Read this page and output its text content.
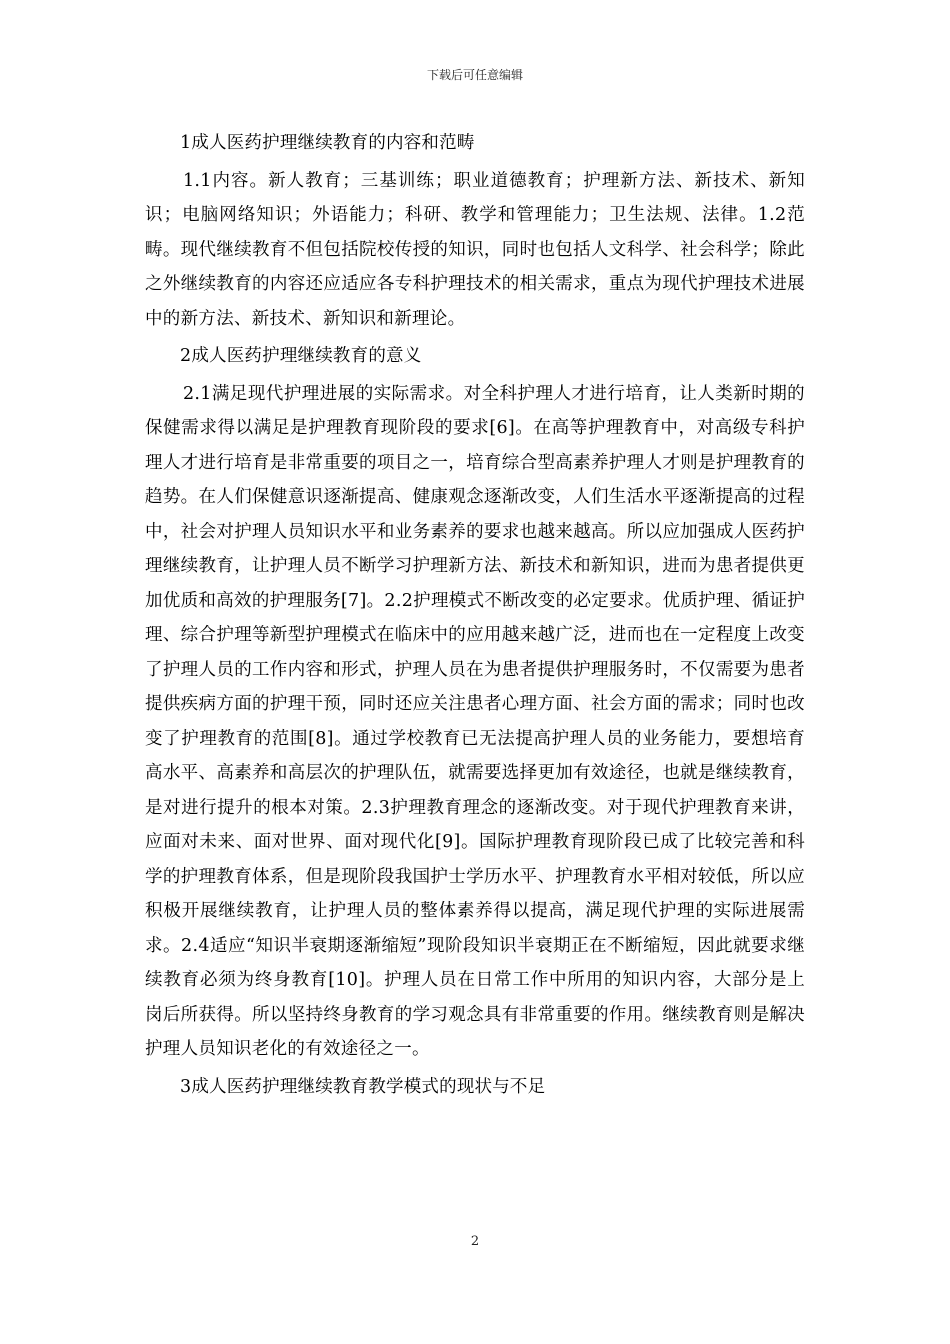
下载后可任意编辑

1成人医药护理继续教育的内容和范畴

1.1内容。新人教育；三基训练；职业道德教育；护理新方法、新技术、新知识；电脑网络知识；外语能力；科研、教学和管理能力；卫生法规、法律。1.2范畴。现代继续教育不但包括院校传授的知识，同时也包括人文科学、社会科学；除此之外继续教育的内容还应适应各专科护理技术的相关需求，重点为现代护理技术进展中的新方法、新技术、新知识和新理论。

2成人医药护理继续教育的意义

2.1满足现代护理进展的实际需求。对全科护理人才进行培育，让人类新时期的保健需求得以满足是护理教育现阶段的要求[6]。在高等护理教育中，对高级专科护理人才进行培育是非常重要的项目之一，培育综合型高素养护理人才则是护理教育的趋势。在人们保健意识逐渐提高、健康观念逐渐改变，人们生活水平逐渐提高的过程中，社会对护理人员知识水平和业务素养的要求也越来越高。所以应加强成人医药护理继续教育，让护理人员不断学习护理新方法、新技术和新知识，进而为患者提供更加优质和高效的护理服务[7]。2.2护理模式不断改变的必定要求。优质护理、循证护理、综合护理等新型护理模式在临床中的应用越来越广泛，进而也在一定程度上改变了护理人员的工作内容和形式，护理人员在为患者提供护理服务时，不仅需要为患者提供疾病方面的护理干预，同时还应关注患者心理方面、社会方面的需求；同时也改变了护理教育的范围[8]。通过学校教育已无法提高护理人员的业务能力，要想培育高水平、高素养和高层次的护理队伍，就需要选择更加有效途径，也就是继续教育，是对进行提升的根本对策。2.3护理教育理念的逐渐改变。对于现代护理教育来讲，应面对未来、面对世界、面对现代化[9]。国际护理教育现阶段已成了比较完善和科学的护理教育体系，但是现阶段我国护士学历水平、护理教育水平相对较低，所以应积极开展继续教育，让护理人员的整体素养得以提高，满足现代护理的实际进展需求。2.4适应“知识半衰期逐渐缩短”现阶段知识半衰期正在不断缩短，因此就要求继续教育必须为终身教育[10]。护理人员在日常工作中所用的知识内容，大部分是上岗后所获得。所以坚持终身教育的学习观念具有非常重要的作用。继续教育则是解决护理人员知识老化的有效途径之一。

3成人医药护理继续教育教学模式的现状与不足

2
